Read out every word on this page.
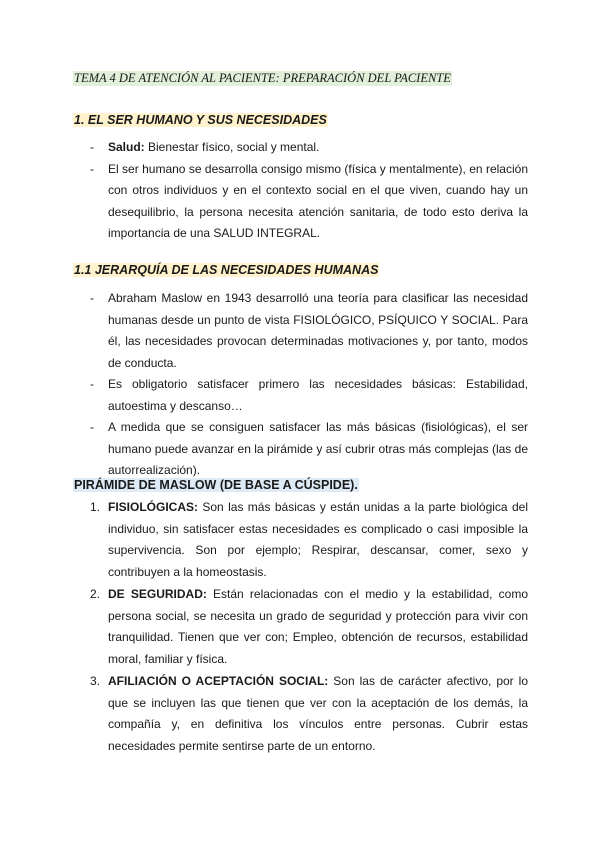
TEMA 4 DE ATENCIÓN AL PACIENTE: PREPARACIÓN DEL PACIENTE
1. EL SER HUMANO Y SUS NECESIDADES
- Salud: Bienestar físico, social y mental.
- El ser humano se desarrolla consigo mismo (física y mentalmente), en relación con otros individuos y en el contexto social en el que viven, cuando hay un desequilibrio, la persona necesita atención sanitaria, de todo esto deriva la importancia de una SALUD INTEGRAL.
1.1 JERARQUÍA DE LAS NECESIDADES HUMANAS
- Abraham Maslow en 1943 desarrolló una teoría para clasificar las necesidad humanas desde un punto de vista FISIOLÓGICO, PSÍQUICO Y SOCIAL. Para él, las necesidades provocan determinadas motivaciones y, por tanto, modos de conducta.
- Es obligatorio satisfacer primero las necesidades básicas: Estabilidad, autoestima y descanso…
- A medida que se consiguen satisfacer las más básicas (fisiológicas), el ser humano puede avanzar en la pirámide y así cubrir otras más complejas (las de autorrealización).
PIRÁMIDE DE MASLOW (DE BASE A CÚSPIDE).
1. FISIOLÓGICAS: Son las más básicas y están unidas a la parte biológica del individuo, sin satisfacer estas necesidades es complicado o casi imposible la supervivencia. Son por ejemplo; Respirar, descansar, comer, sexo y contribuyen a la homeostasis.
2. DE SEGURIDAD: Están relacionadas con el medio y la estabilidad, como persona social, se necesita un grado de seguridad y protección para vivir con tranquilidad. Tienen que ver con; Empleo, obtención de recursos, estabilidad moral, familiar y física.
3. AFILIACIÓN O ACEPTACIÓN SOCIAL: Son las de carácter afectivo, por lo que se incluyen las que tienen que ver con la aceptación de los demás, la compañía y, en definitiva los vínculos entre personas. Cubrir estas necesidades permite sentirse parte de un entorno.
